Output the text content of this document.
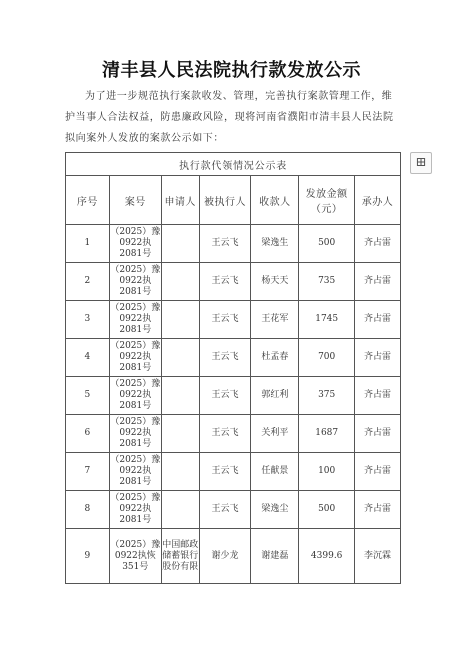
清丰县人民法院执行款发放公示
为了进一步规范执行案款收发、管理，完善执行案款管理工作，维护当事人合法权益，防患廉政风险，现将河南省濮阳市清丰县人民法院拟向案外人发放的案款公示如下：
执行款代领情况公示表						
序号	案号	申请人	被执行人	收款人	发放金额（元）	承办人
1	（2025）豫0922执2081号		王云飞	梁逸生	500	齐占雷
2	（2025）豫0922执2081号		王云飞	杨天天	735	齐占雷
3	（2025）豫0922执2081号		王云飞	王花军	1745	齐占雷
4	（2025）豫0922执2081号		王云飞	杜孟春	700	齐占雷
5	（2025）豫0922执2081号		王云飞	郭红利	375	齐占雷
6	（2025）豫0922执2081号		王云飞	关利平	1687	齐占雷
7	（2025）豫0922执2081号		王云飞	任献景	100	齐占雷
8	（2025）豫0922执2081号		王云飞	梁逸尘	500	齐占雷
9	（2025）豫0922执恢351号	中国邮政储蓄银行股份有限	谢少龙	谢建磊	4399.6	李沉霖
⊞
